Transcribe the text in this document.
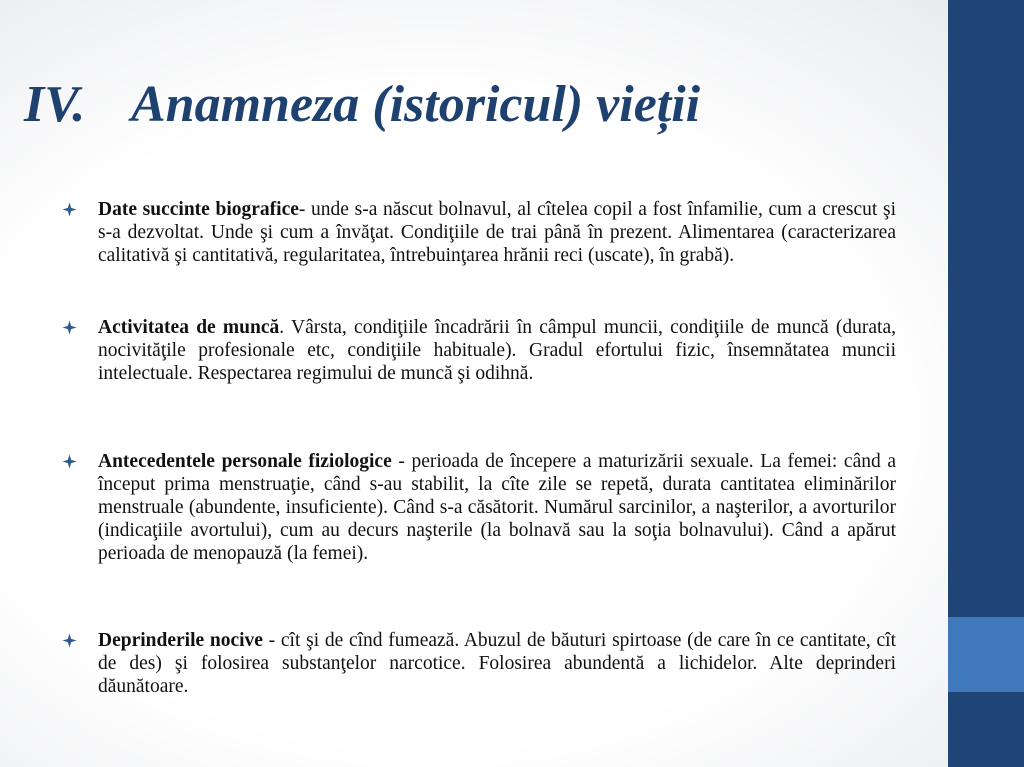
IV. Anamneza (istoricul) vieții
Date succinte biografice- unde s-a născut bolnavul, al cîtelea copil a fost înfamilie, cum a crescut şi s-a dezvoltat. Unde şi cum a învăţat. Condiţiile de trai până în prezent. Alimentarea (caracterizarea calitativă şi cantitativă, regularitatea, întrebuinţarea hrănii reci (uscate), în grabă).
Activitatea de muncă. Vârsta, condiţiile încadrării în câmpul muncii, condiţiile de muncă (durata, nocivităţile profesionale etc, condiţiile habituale). Gradul efortului fizic, însemnătatea muncii intelectuale. Respectarea regimului de muncă şi odihnă.
Antecedentele personale fiziologice - perioada de începere a maturizării sexuale. La femei: când a început prima menstruaţie, când s-au stabilit, la cîte zile se repetă, durata cantitatea eliminărilor menstruale (abundente, insuficiente). Când s-a căsătorit. Numărul sarcinilor, a naşterilor, a avorturilor (indicaţiile avortului), cum au decurs naşterile (la bolnavă sau la soţia bolnavului). Când a apărut perioada de menopauză (la femei).
Deprinderile nocive - cît şi de cînd fumează. Abuzul de băuturi spirtoase (de care în ce cantitate, cît de des) şi folosirea substanţelor narcotice. Folosirea abundentă a lichidelor. Alte deprinderi dăunătoare.
